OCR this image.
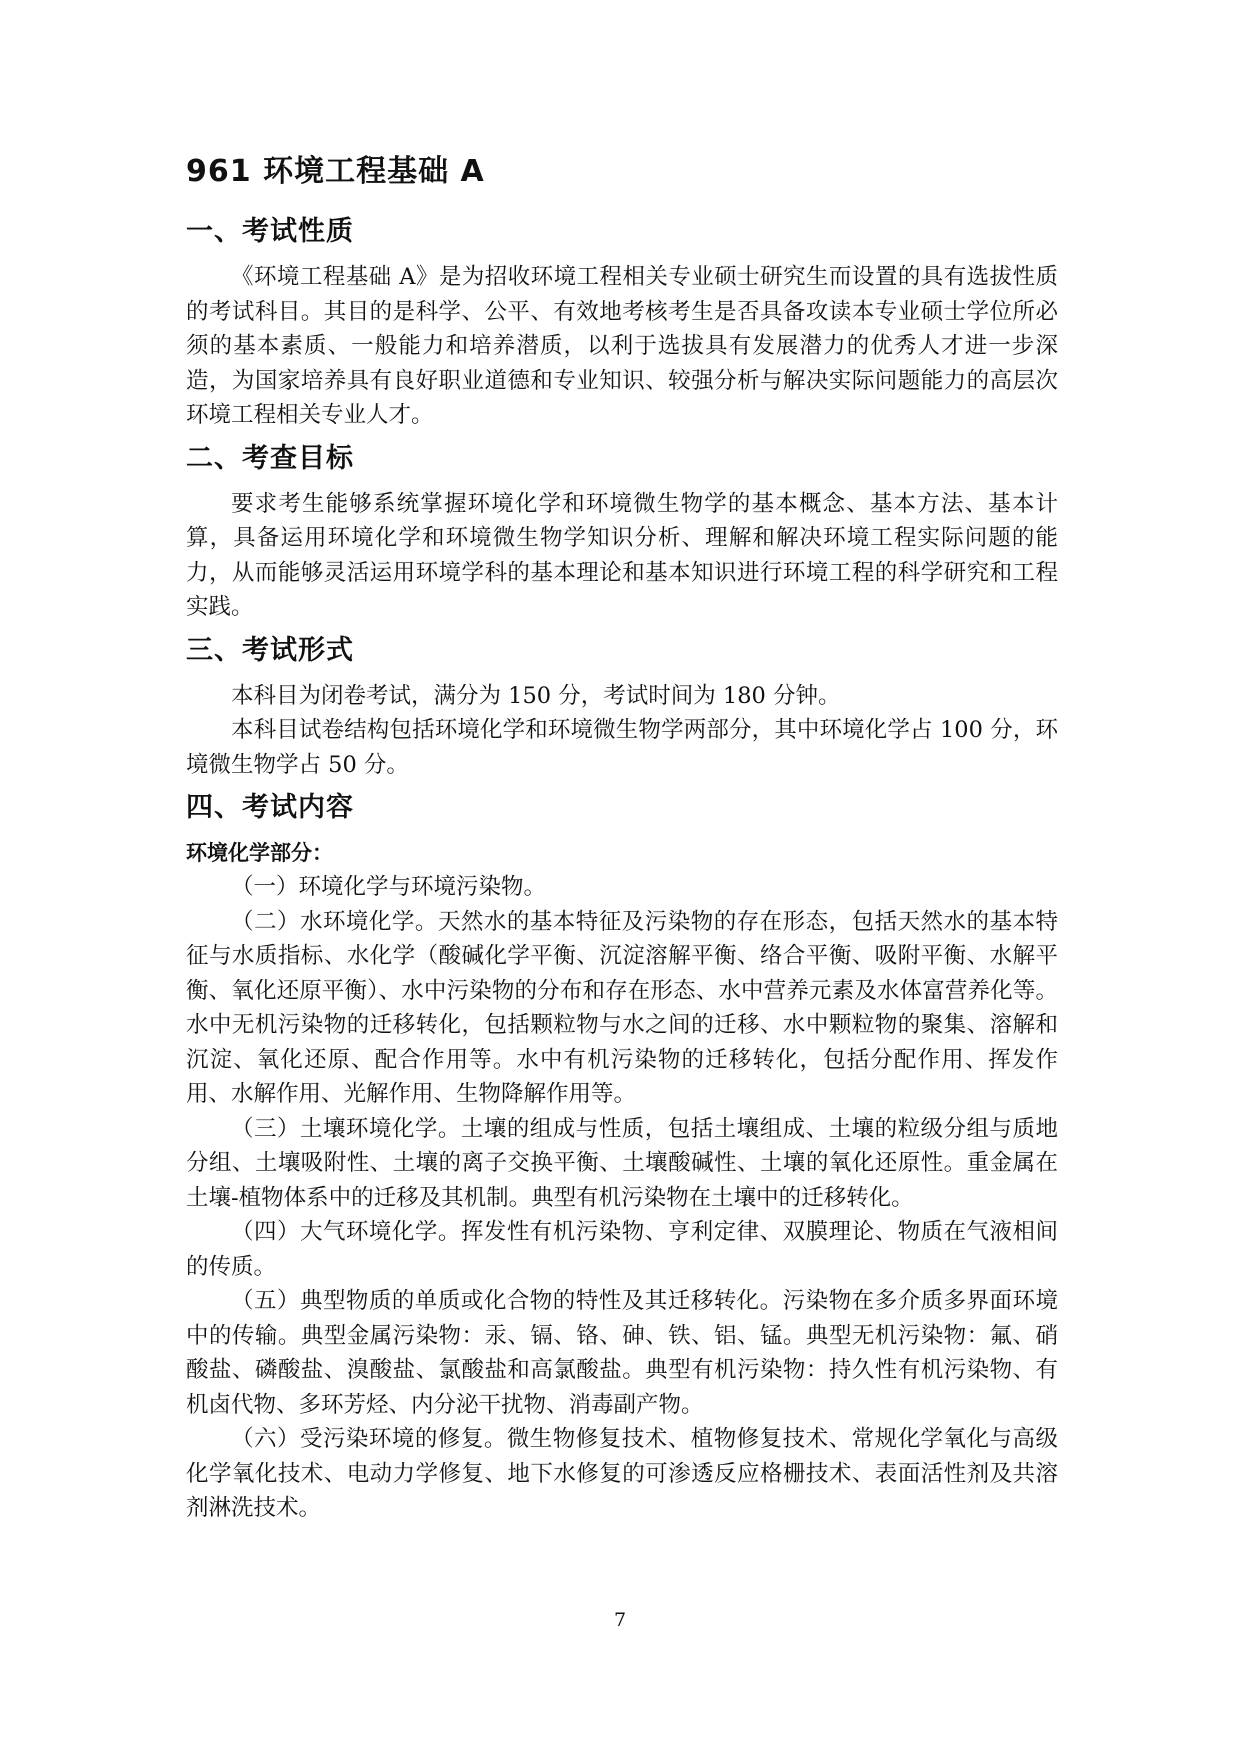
961 环境工程基础 A
一、考试性质

《环境工程基础 A》是为招收环境工程相关专业硕士研究生而设置的具有选拔性质的考试科目。其目的是科学、公平、有效地考核考生是否具备攻读本专业硕士学位所必须的基本素质、一般能力和培养潜质，以利于选拔具有发展潜力的优秀人才进一步深造，为国家培养具有良好职业道德和专业知识、较强分析与解决实际问题能力的高层次环境工程相关专业人才。

二、考查目标

要求考生能够系统掌握环境化学和环境微生物学的基本概念、基本方法、基本计算，具备运用环境化学和环境微生物学知识分析、理解和解决环境工程实际问题的能力，从而能够灵活运用环境学科的基本理论和基本知识进行环境工程的科学研究和工程实践。

三、考试形式

本科目为闭卷考试，满分为 150 分，考试时间为 180 分钟。

本科目试卷结构包括环境化学和环境微生物学两部分，其中环境化学占 100 分，环境微生物学占 50 分。

四、考试内容
环境化学部分：

（一）环境化学与环境污染物。

（二）水环境化学。天然水的基本特征及污染物的存在形态，包括天然水的基本特征与水质指标、水化学（酸碱化学平衡、沉淀溶解平衡、络合平衡、吸附平衡、水解平衡、氧化还原平衡）、水中污染物的分布和存在形态、水中营养元素及水体富营养化等。水中无机污染物的迁移转化，包括颗粒物与水之间的迁移、水中颗粒物的聚集、溶解和沉淀、氧化还原、配合作用等。水中有机污染物的迁移转化，包括分配作用、挥发作用、水解作用、光解作用、生物降解作用等。

（三）土壤环境化学。土壤的组成与性质，包括土壤组成、土壤的粒级分组与质地分组、土壤吸附性、土壤的离子交换平衡、土壤酸碱性、土壤的氧化还原性。重金属在土壤-植物体系中的迁移及其机制。典型有机污染物在土壤中的迁移转化。

（四）大气环境化学。挥发性有机污染物、亨利定律、双膜理论、物质在气液相间的传质。

（五）典型物质的单质或化合物的特性及其迁移转化。污染物在多介质多界面环境中的传输。典型金属污染物：汞、镉、铬、砷、铁、铝、锰。典型无机污染物：氟、硝酸盐、磷酸盐、溴酸盐、氯酸盐和高氯酸盐。典型有机污染物：持久性有机污染物、有机卤代物、多环芳烃、内分泌干扰物、消毒副产物。

（六）受污染环境的修复。微生物修复技术、植物修复技术、常规化学氧化与高级化学氧化技术、电动力学修复、地下水修复的可渗透反应格栅技术、表面活性剂及共溶剂淋洗技术。

7
